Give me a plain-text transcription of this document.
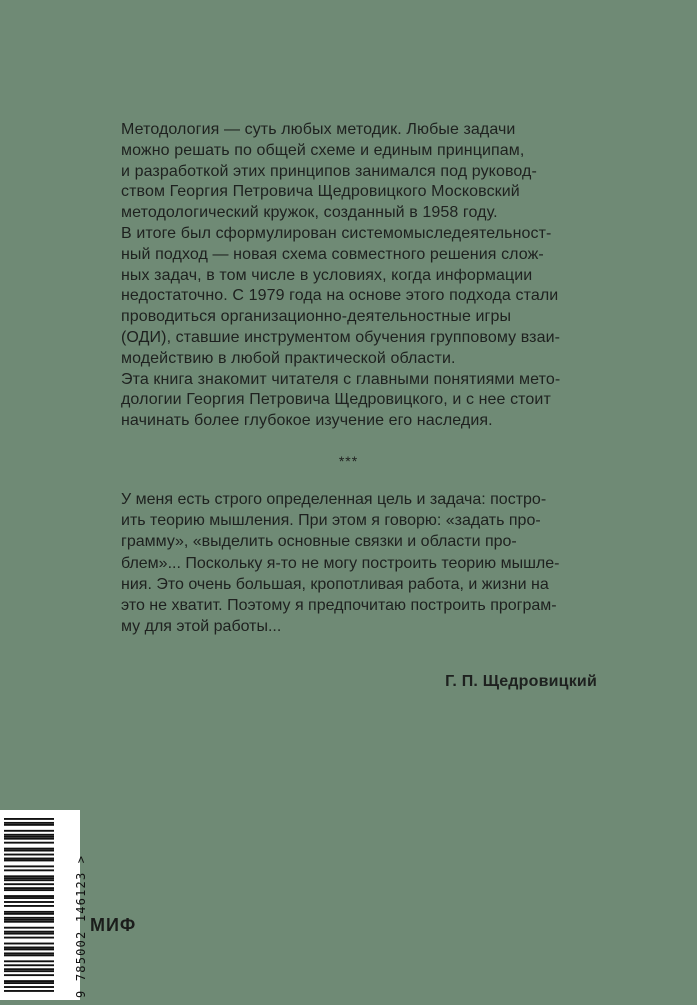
Методология — суть любых методик. Любые задачи
можно решать по общей схеме и единым принципам,
и разработкой этих принципов занимался под руковод-
ством Георгия Петровича Щедровицкого Московский
методологический кружок, созданный в 1958 году.
В итоге был сформулирован системомыследеятельност-
ный подход — новая схема совместного решения слож-
ных задач, в том числе в условиях, когда информации
недостаточно. С 1979 года на основе этого подхода стали
проводиться организационно-деятельностные игры
(ОДИ), ставшие инструментом обучения групповому взаи-
модействию в любой практической области.
Эта книга знакомит читателя с главными понятиями мето-
дологии Георгия Петровича Щедровицкого, и с нее стоит
начинать более глубокое изучение его наследия.
***
У меня есть строго определенная цель и задача: постро-
ить теорию мышления. При этом я говорю: «задать про-
грамму», «выделить основные связки и области про-
блем»... Поскольку я-то не могу построить теорию мышле-
ния. Это очень большая, кропотливая работа, и жизни на
это не хватит. Поэтому я предпочитаю построить програм-
му для этой работы...
Г. П. Щедровицкий
9 785002 146123 > МИФ
